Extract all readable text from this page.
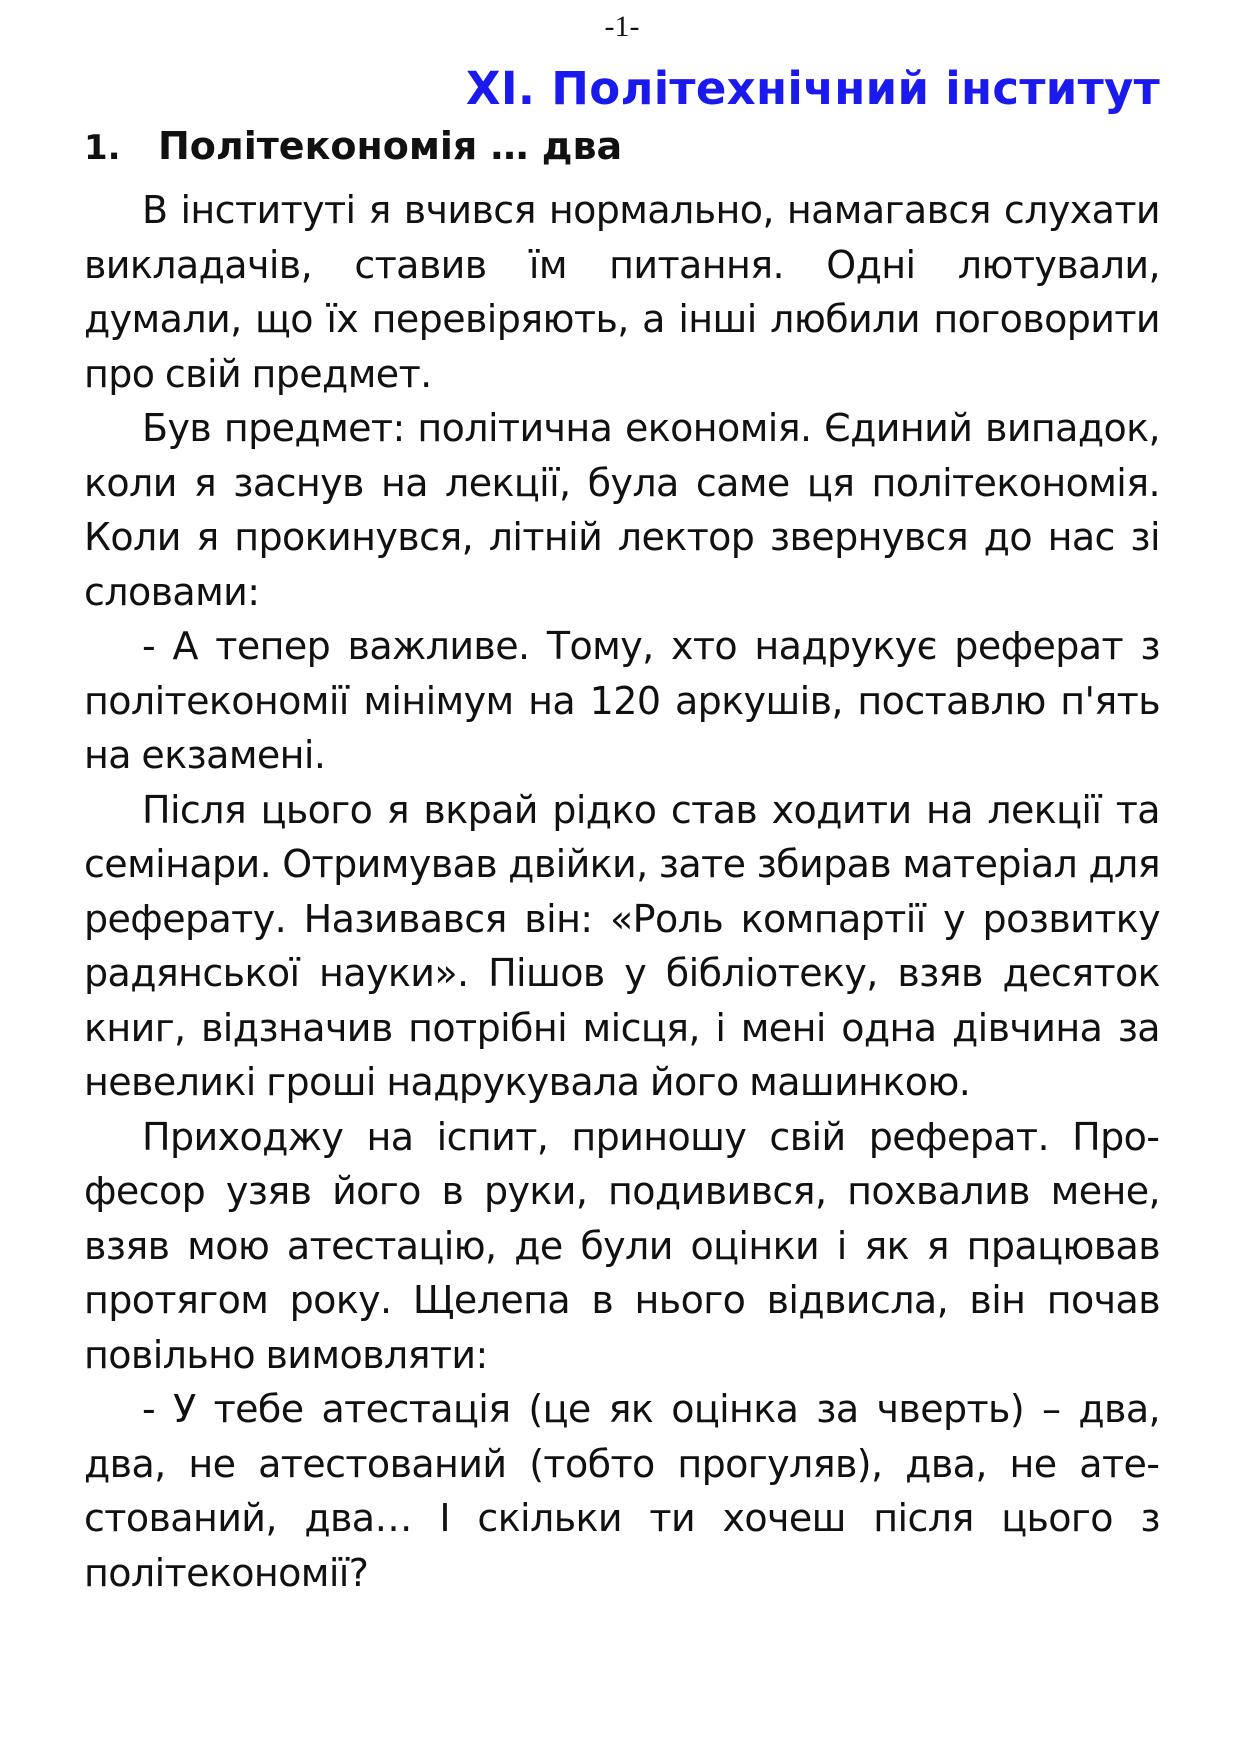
-1-
XI. Політехнічний інститут
1. Політекономія … два

В інституті я вчився нормально, намагався слухати викладачів, ставив їм питання. Одні лютували, думали, що їх перевіряють, а інші любили поговорити про свій предмет.

Був предмет: політична економія. Єдиний випадок, коли я заснув на лекції, була саме ця політекономія. Коли я прокинувся, літній лектор звернувся до нас зі словами:

- А тепер важливе. Тому, хто надрукує реферат з політекономії мінімум на 120 аркушів, поставлю п'ять на екзамені.

Після цього я вкрай рідко став ходити на лекції та семінари. Отримував двійки, зате збирав матеріал для реферату. Називався він: «Роль компартії у розвитку радянської науки». Пішов у бібліотеку, взяв десяток книг, відзначив потрібні місця, і мені одна дівчина за невеликі гроші надрукувала його машинкою.

Приходжу на іспит, приношу свій реферат. Професор узяв його в руки, подивився, похвалив мене, взяв мою атестацію, де були оцінки і як я працював протягом року. Щелепа в нього відвисла, він почав повільно вимовляти:

- У тебе атестація (це як оцінка за чверть) – два, два, не атестований (тобто прогуляв), два, не атестований, два… І скільки ти хочеш після цього з політекономії?
